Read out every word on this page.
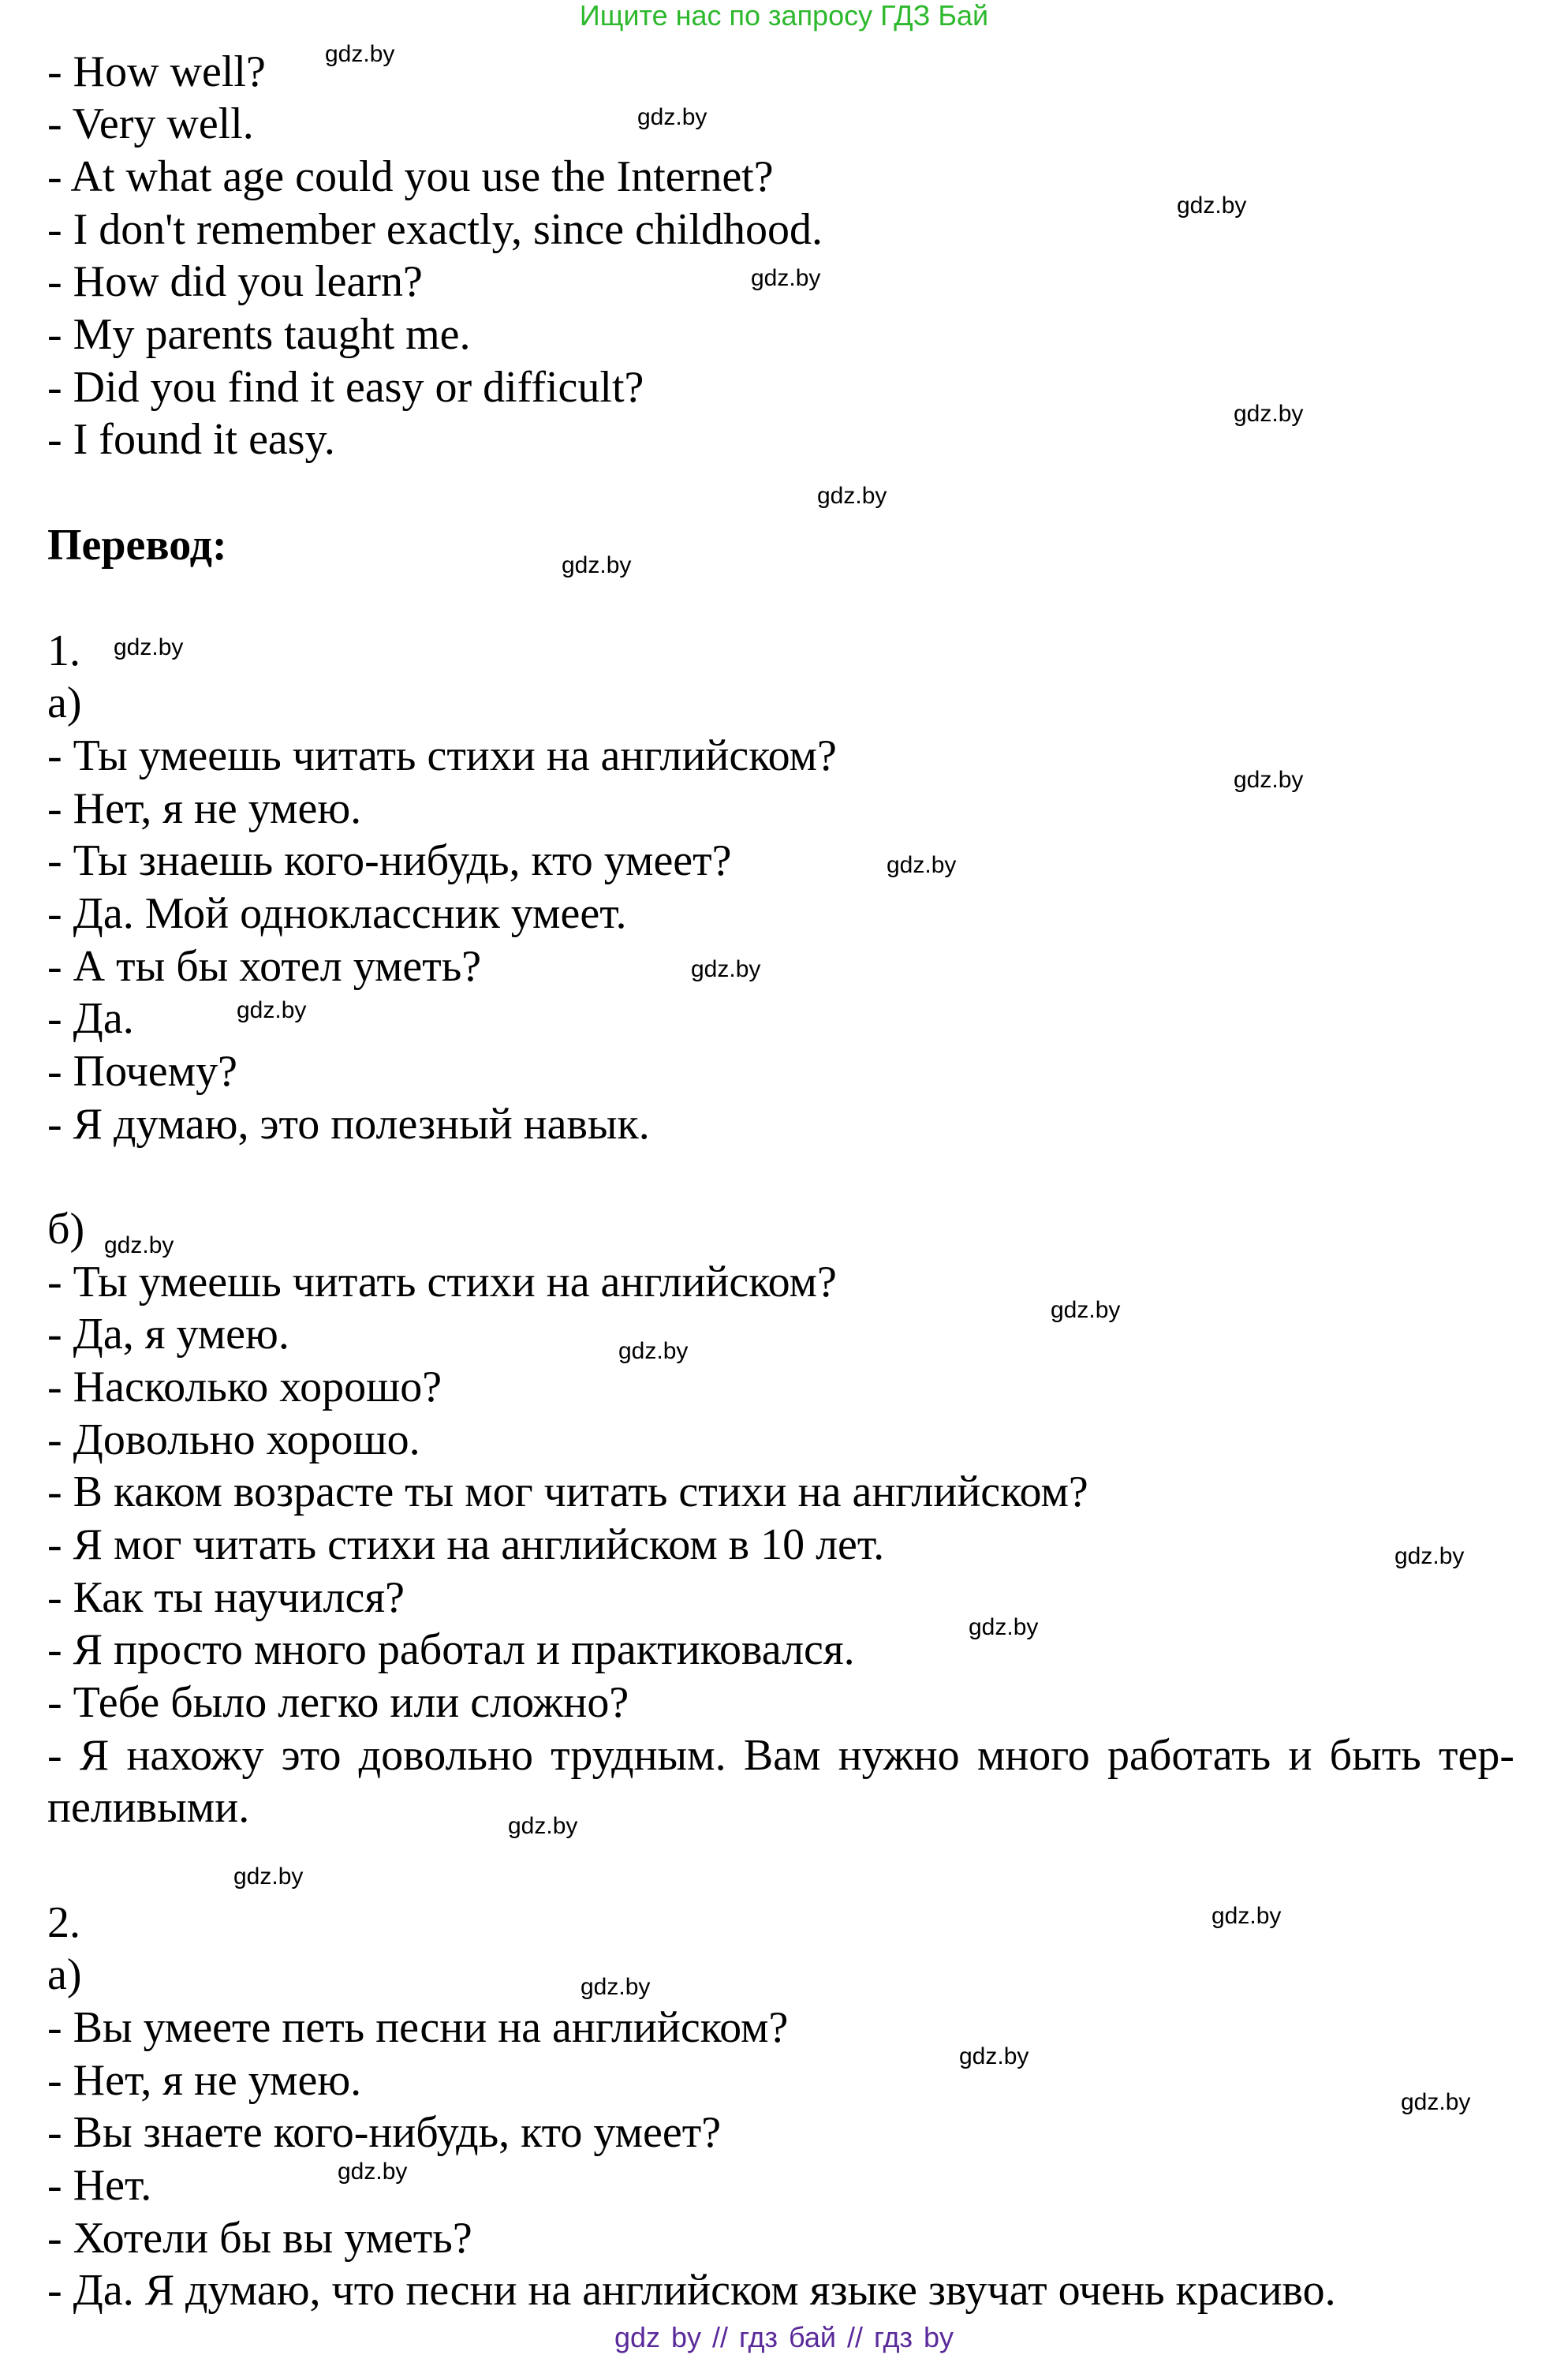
Ищите нас по запросу ГДЗ Бай
- How well?
- Very well.
- At what age could you use the Internet?
- I don't remember exactly, since childhood.
- How did you learn?
- My parents taught me.
- Did you find it easy or difficult?
- I found it easy.
Перевод:
1.
а)
- Ты умеешь читать стихи на английском?
- Нет, я не умею.
- Ты знаешь кого-нибудь, кто умеет?
- Да. Мой одноклассник умеет.
- А ты бы хотел уметь?
- Да.
- Почему?
- Я думаю, это полезный навык.
б)
- Ты умеешь читать стихи на английском?
- Да, я умею.
- Насколько хорошо?
- Довольно хорошо.
- В каком возрасте ты мог читать стихи на английском?
- Я мог читать стихи на английском в 10 лет.
- Как ты научился?
- Я просто много работал и практиковался.
- Тебе было легко или сложно?
- Я нахожу это довольно трудным. Вам нужно много работать и быть тер-
пеливыми.
2.
а)
- Вы умеете петь песни на английском?
- Нет, я не умею.
- Вы знаете кого-нибудь, кто умеет?
- Нет.
- Хотели бы вы уметь?
- Да. Я думаю, что песни на английском языке звучат очень красиво.
gdz.by
gdz.by
gdz.by
gdz.by
gdz.by
gdz.by
gdz.by
gdz.by
gdz.by
gdz.by
gdz.by
gdz.by
gdz.by
gdz.by
gdz.by
gdz.by
gdz.by
gdz.by
gdz.by
gdz.by
gdz.by
gdz.by
gdz.by
gdz.by
gdz by // гдз бай // гдз by
